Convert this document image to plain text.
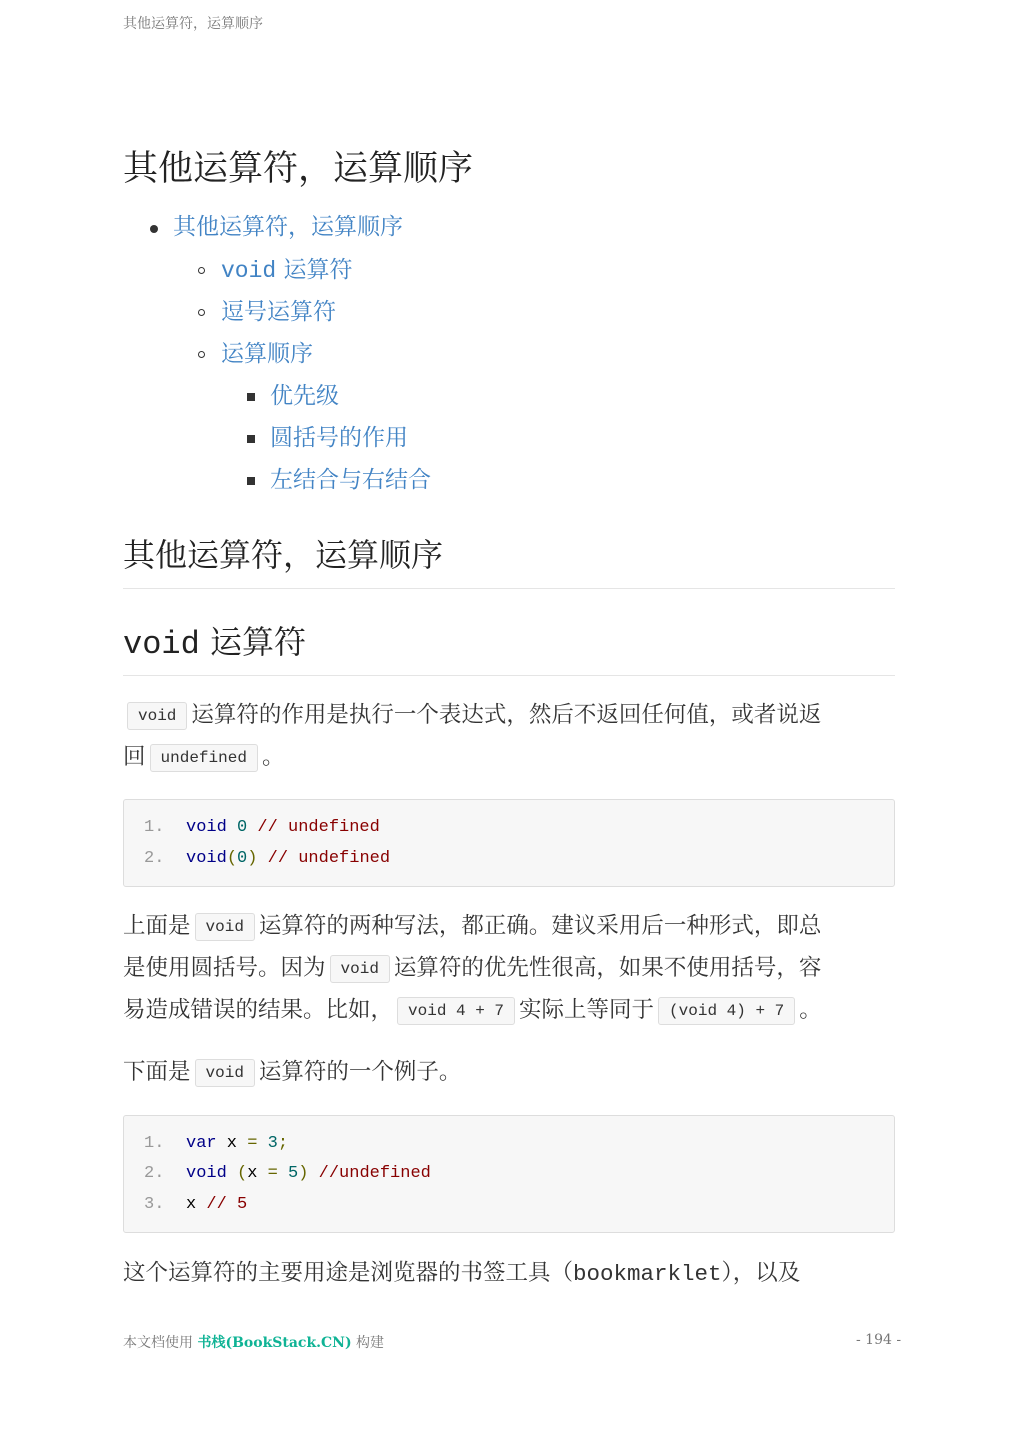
其他运算符，运算顺序
其他运算符，运算顺序
其他运算符，运算顺序
void 运算符
逗号运算符
运算顺序
优先级
圆括号的作用
左结合与右结合
其他运算符，运算顺序
void 运算符
void 运算符的作用是执行一个表达式，然后不返回任何值，或者说返
回 undefined 。
1. void 0 // undefined
2. void(0) // undefined
上面是 void 运算符的两种写法，都正确。建议采用后一种形式，即总
是使用圆括号。因为 void 运算符的优先性很高，如果不使用括号，容
易造成错误的结果。比如， void 4 + 7 实际上等同于 (void 4) + 7 。
下面是 void 运算符的一个例子。
1. var x = 3;
2. void (x = 5) //undefined
3. x // 5
这个运算符的主要用途是浏览器的书签工具（bookmarklet），以及
本文档使用 书栈(BookStack.CN) 构建	- 194 -
